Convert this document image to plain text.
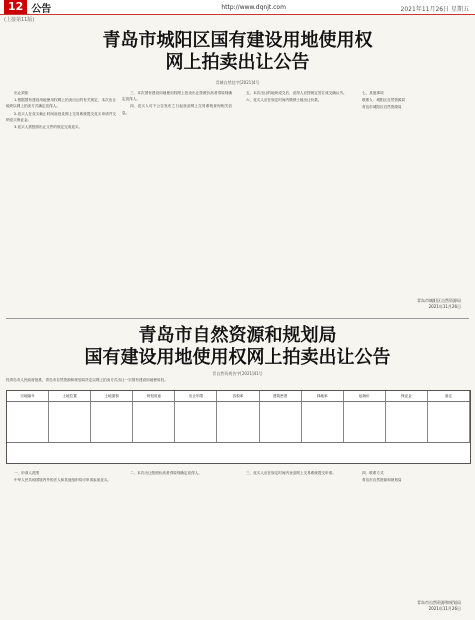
12 公告	http://www.dqnjt.com	2021年11月26日 星期五
(上接第11版)
青岛市城阳区国有建设用地使用权
网上拍卖出让公告
青城自然挂字[2021]4号

出让须知

1.根据国有建设用地使用权网上拍卖出让的有关规定，本次出让地块以网上拍卖方式确定竞得人。

2.竞买人在竞买截止时间前登录网上交易系统提交竞买申请并交纳竞买保证金。

3.竞买人需按照出让文件的规定完成竞买。

三、本次国有建设用地使用权网上拍卖出让按照价高者得原则确定竞得人。

四、竞买人可于公告发布之日起登录网上交易系统查询相关信息。

五、本次出让的地块成交后，竞得人应按规定签订成交确认书。

六、竞买人应在规定时间内缴纳土地出让价款。

七、其他事项

联系人：城阳区自然资源局

青岛市城阳区自然资源局

青岛市城阳区自然资源局
2021年11月26日
青岛市自然资源和规划局
国有建设用地使用权网上拍卖出让公告
青自然资规告字[2021]41号
经青岛市人民政府批准，青岛市自然资源和规划局决定以网上拍卖方式出让一宗国有建设用地使用权。
宗地编号	土地位置	土地面积	规划用途	出让年限	容积率	建筑密度	绿地率	起始价	保证金	备注

一、申请人范围

中华人民共和国境内外的法人和其他组织均可申请参加竞买。

二、本次出让按照价高者得原则确定竞得人。	三、竞买人应在规定时间内登录网上交易系统提交申请。	四、联系方式

青岛市自然资源和规划局

青岛市自然资源和规划局
2021年11月26日
